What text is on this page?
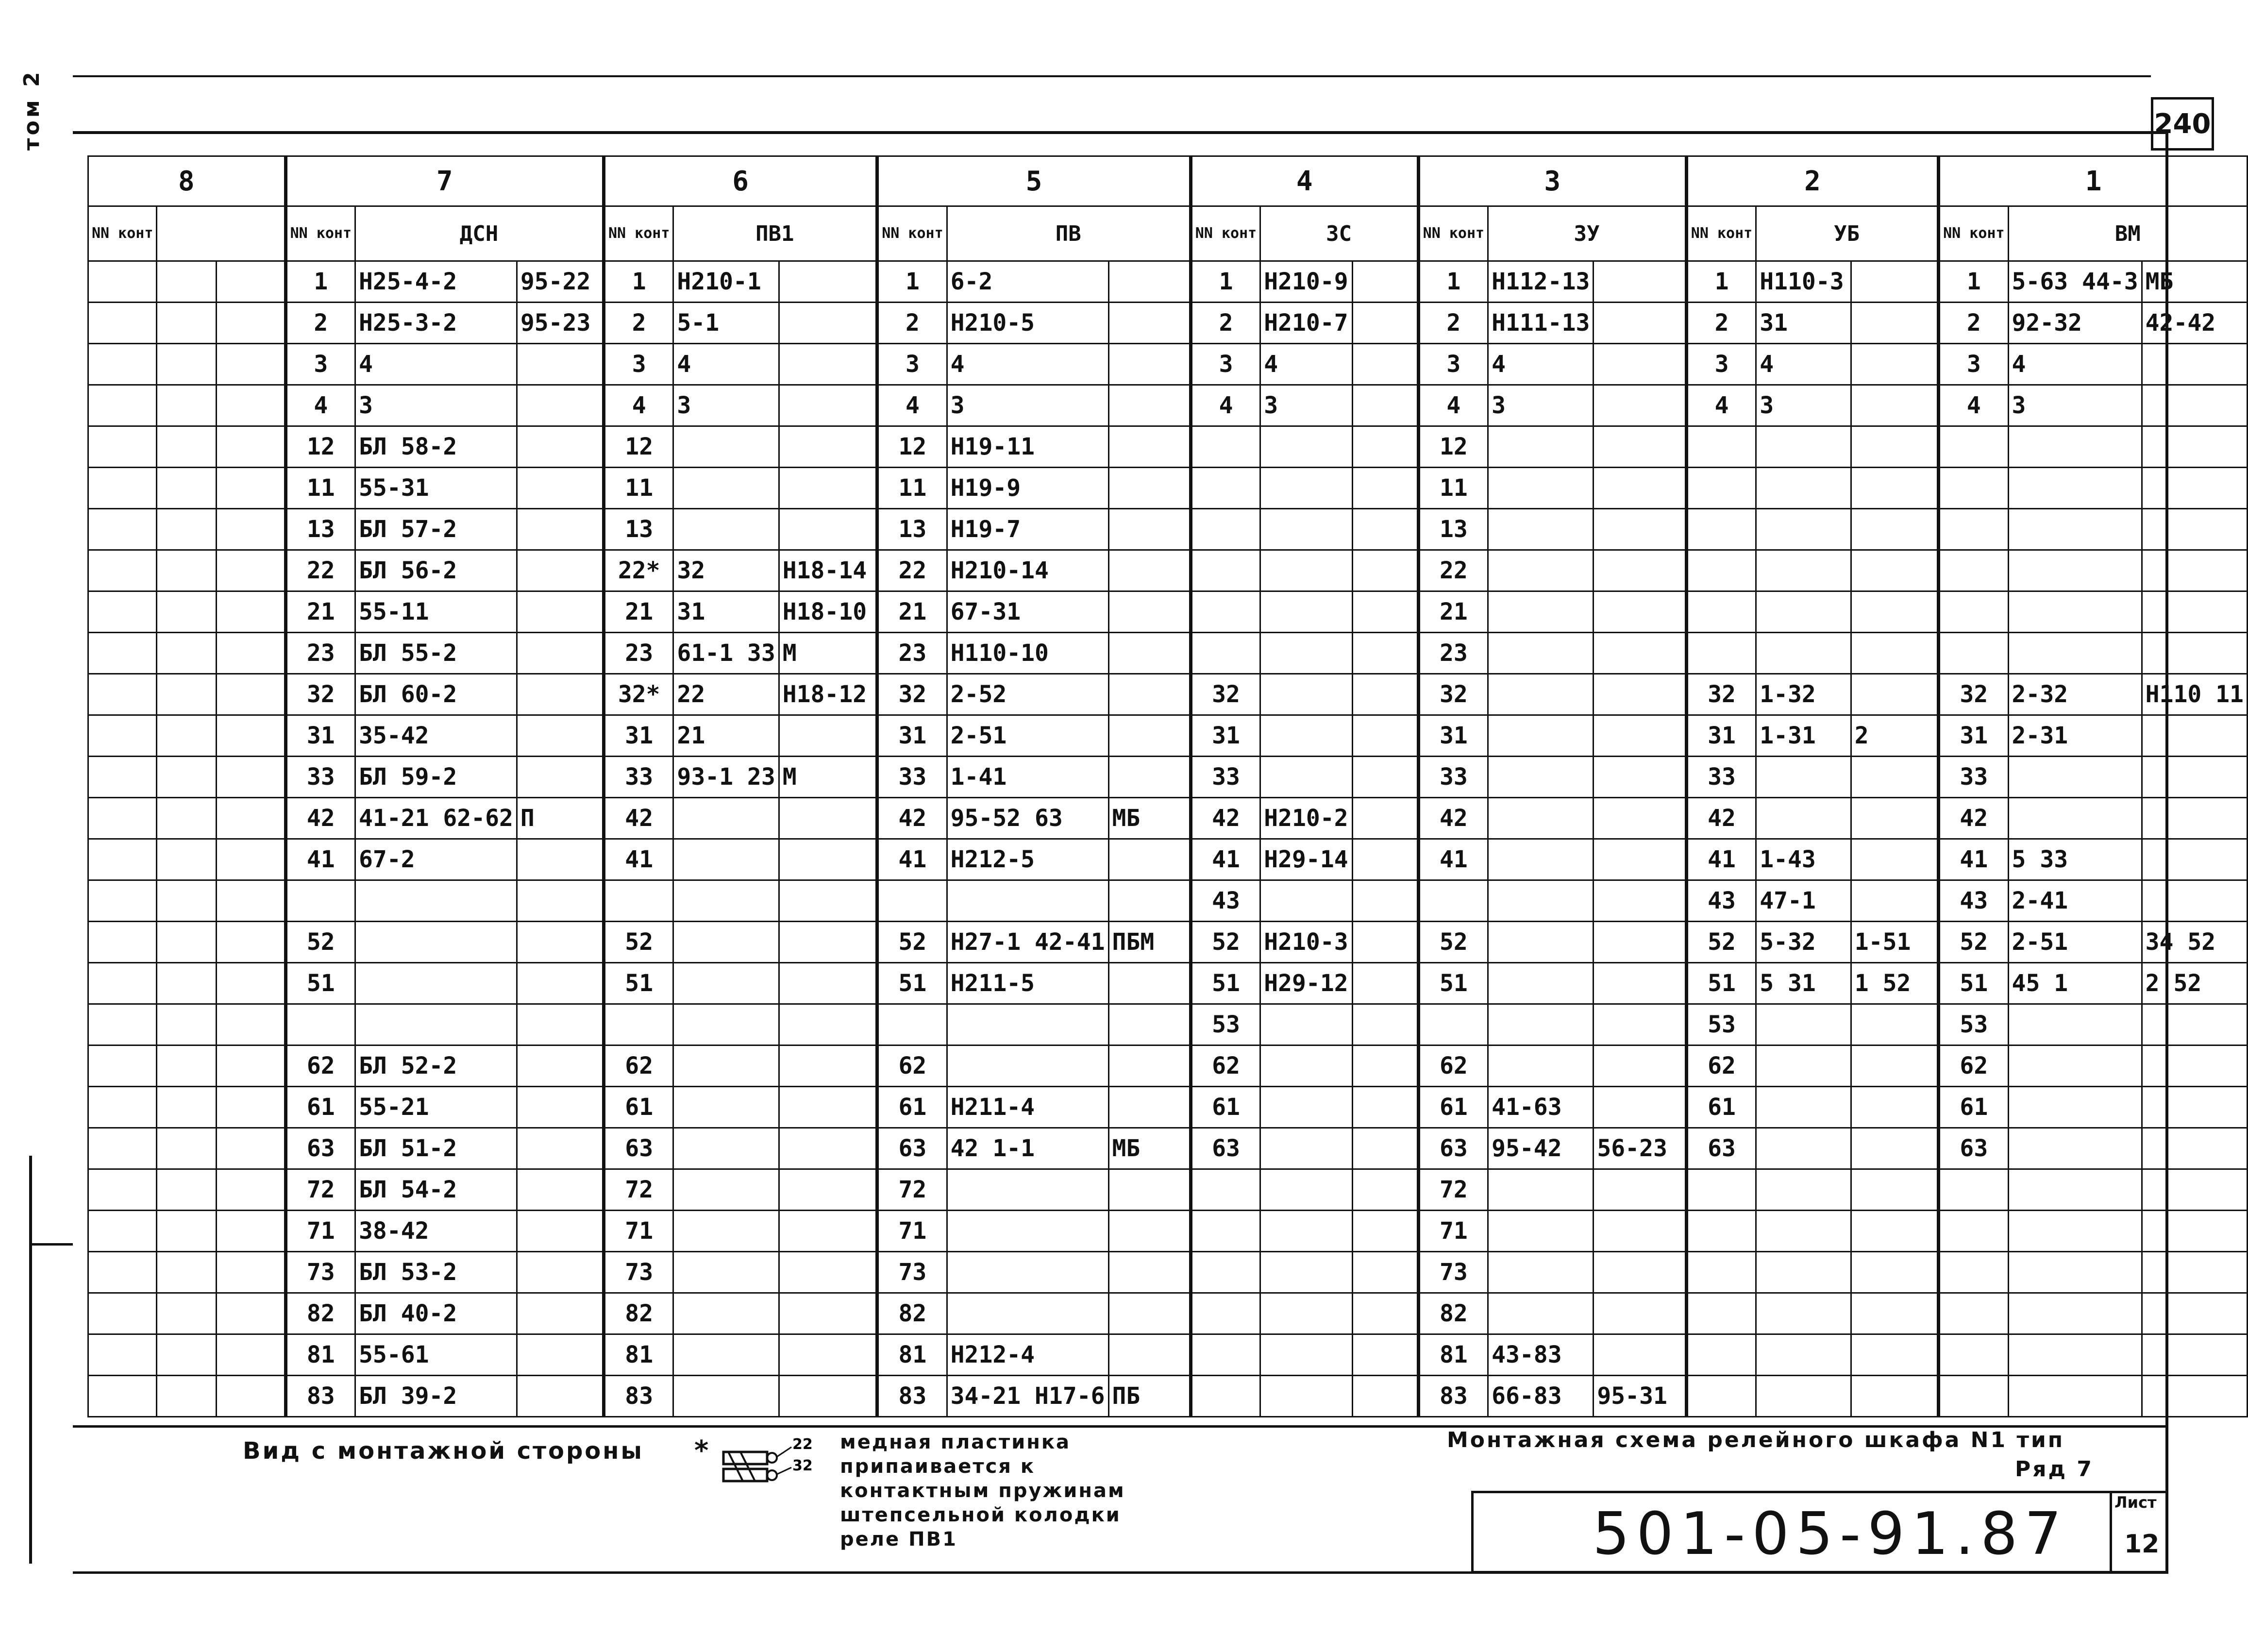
том 2	240
8			7			6			5			4			3			2			1		
NN конт			NN конт	ДСН		NN конт	ПВ1		NN конт	ПВ		NN конт	ЗС		NN конт	ЗУ		NN конт	УБ		NN конт	ВМ	
			1	Н25-4-2	95-22	1	Н210-1		1	6-2		1	Н210-9		1	Н112-13		1	Н110-3		1	5-63 44-3	МБ
			2	Н25-3-2	95-23	2	5-1		2	Н210-5		2	Н210-7		2	Н111-13		2	31		2	92-32	42-42
			3	4		3	4		3	4		3	4		3	4		3	4		3	4	
			4	3		4	3		4	3		4	3		4	3		4	3		4	3	
			12	БЛ 58-2		12			12	Н19-11					12								
			11	55-31		11			11	Н19-9					11								
			13	БЛ 57-2		13			13	Н19-7					13								
			22	БЛ 56-2		22*	32	Н18-14	22	Н210-14					22								
			21	55-11		21	31	Н18-10	21	67-31					21								
			23	БЛ 55-2		23	61-1 33	М	23	Н110-10					23								
			32	БЛ 60-2		32*	22	Н18-12	32	2-52		32			32			32	1-32		32	2-32	Н110 11
			31	35-42		31	21		31	2-51		31			31			31	1-31	2	31	2-31	
			33	БЛ 59-2		33	93-1 23	М	33	1-41		33			33			33			33		
			42	41-21 62-62	П	42			42	95-52 63	МБ	42	Н210-2		42			42			42		
			41	67-2		41			41	Н212-5		41	Н29-14		41			41	1-43		41	5 33	
												43						43	47-1		43	2-41	
			52			52			52	Н27-1 42-41	ПБМ	52	Н210-3		52			52	5-32	1-51	52	2-51	34 52
			51			51			51	Н211-5		51	Н29-12		51			51	5 31	1 52	51	45 1	2 52
												53						53			53		
			62	БЛ 52-2		62			62			62			62			62			62		
			61	55-21		61			61	Н211-4		61			61	41-63		61			61		
			63	БЛ 51-2		63			63	42 1-1	МБ	63			63	95-42	56-23	63			63		
			72	БЛ 54-2		72			72						72								
			71	38-42		71			71						71								
			73	БЛ 53-2		73			73						73								
			82	БЛ 40-2		82			82						82								
			81	55-61		81			81	Н212-4					81	43-83							
			83	БЛ 39-2		83			83	34-21 Н17-6	ПБ				83	66-83	95-31						
Вид с монтажной стороны *	22
32
медная пластинка
припаивается к
контактным пружинам
штепсельной колодки
реле ПВ1
Монтажная схема релейного шкафа N1 тип
Ряд 7
501-05-91.87	Лист
12
